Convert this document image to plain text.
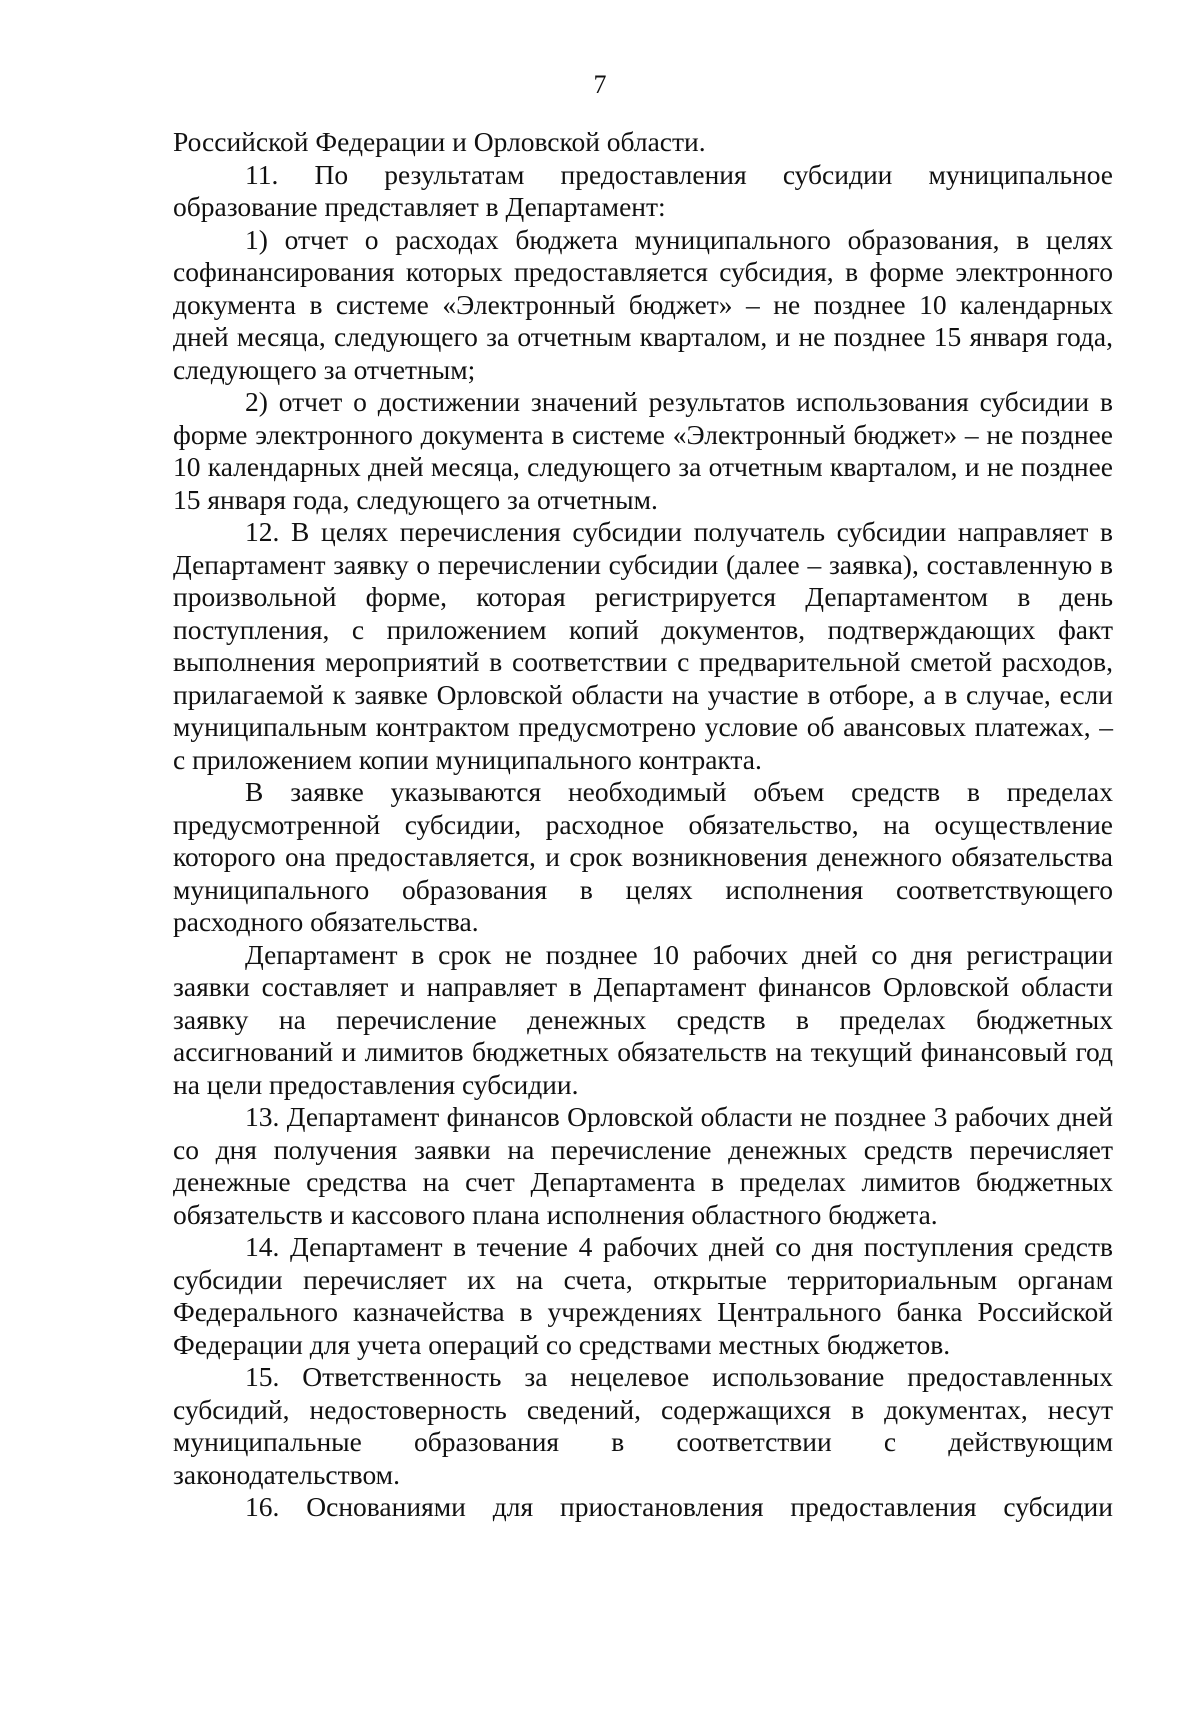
7

Российской Федерации и Орловской области.

11. По результатам предоставления субсидии муниципальное образование представляет в Департамент:

1) отчет о расходах бюджета муниципального образования, в целях софинансирования которых предоставляется субсидия, в форме электронного документа в системе «Электронный бюджет» – не позднее 10 календарных дней месяца, следующего за отчетным кварталом, и не позднее 15 января года, следующего за отчетным;

2) отчет о достижении значений результатов использования субсидии в форме электронного документа в системе «Электронный бюджет» – не позднее 10 календарных дней месяца, следующего за отчетным кварталом, и не позднее 15 января года, следующего за отчетным.

12. В целях перечисления субсидии получатель субсидии направляет в Департамент заявку о перечислении субсидии (далее – заявка), составленную в произвольной форме, которая регистрируется Департаментом в день поступления, с приложением копий документов, подтверждающих факт выполнения мероприятий в соответствии с предварительной сметой расходов, прилагаемой к заявке Орловской области на участие в отборе, а в случае, если муниципальным контрактом предусмотрено условие об авансовых платежах, – с приложением копии муниципального контракта.

В заявке указываются необходимый объем средств в пределах предусмотренной субсидии, расходное обязательство, на осуществление которого она предоставляется, и срок возникновения денежного обязательства муниципального образования в целях исполнения соответствующего расходного обязательства.

Департамент в срок не позднее 10 рабочих дней со дня регистрации заявки составляет и направляет в Департамент финансов Орловской области заявку на перечисление денежных средств в пределах бюджетных ассигнований и лимитов бюджетных обязательств на текущий финансовый год на цели предоставления субсидии.

13. Департамент финансов Орловской области не позднее 3 рабочих дней со дня получения заявки на перечисление денежных средств перечисляет денежные средства на счет Департамента в пределах лимитов бюджетных обязательств и кассового плана исполнения областного бюджета.

14. Департамент в течение 4 рабочих дней со дня поступления средств субсидии перечисляет их на счета, открытые территориальным органам Федерального казначейства в учреждениях Центрального банка Российской Федерации для учета операций со средствами местных бюджетов.

15. Ответственность за нецелевое использование предоставленных субсидий, недостоверность сведений, содержащихся в документах, несут муниципальные образования в соответствии с действующим законодательством.

16. Основаниями для приостановления предоставления субсидии
